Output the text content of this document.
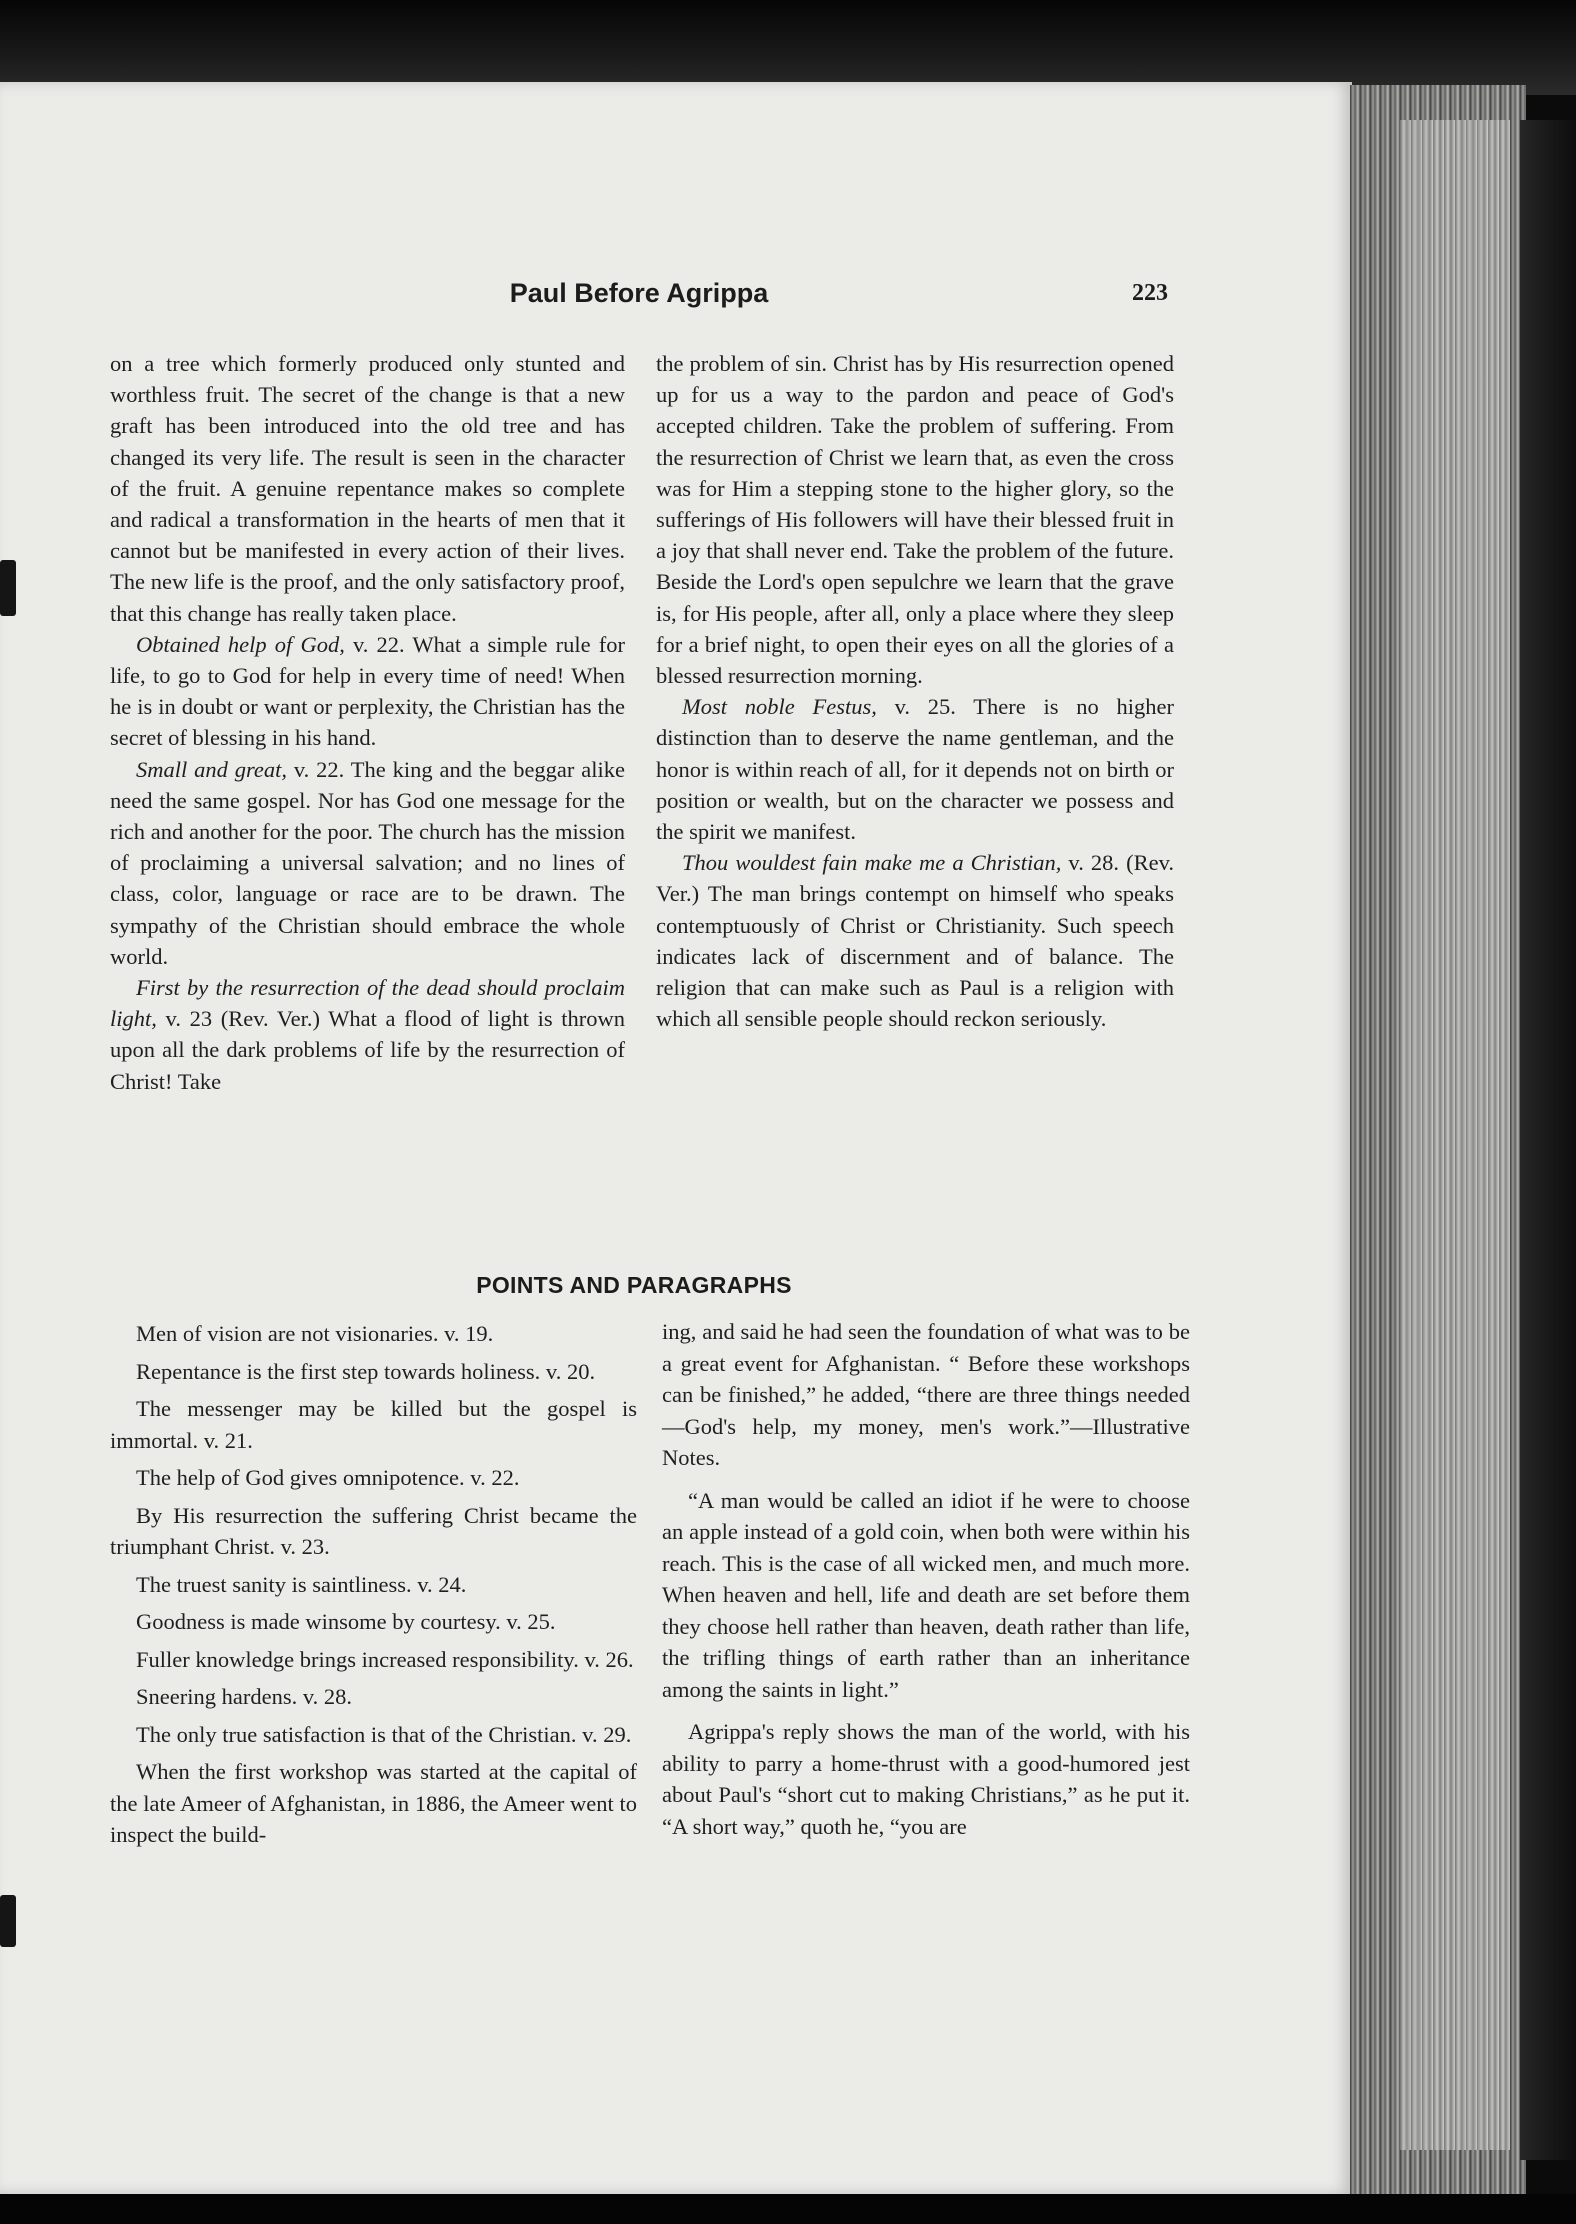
Paul Before Agrippa	223

on a tree which formerly produced only stunted and worthless fruit. The secret of the change is that a new graft has been introduced into the old tree and has changed its very life. The result is seen in the character of the fruit. A genuine repentance makes so complete and radical a transformation in the hearts of men that it cannot but be manifested in every action of their lives. The new life is the proof, and the only satisfactory proof, that this change has really taken place.

Obtained help of God, v. 22. What a simple rule for life, to go to God for help in every time of need! When he is in doubt or want or perplexity, the Christian has the secret of blessing in his hand.

Small and great, v. 22. The king and the beggar alike need the same gospel. Nor has God one message for the rich and another for the poor. The church has the mission of proclaiming a universal salvation; and no lines of class, color, language or race are to be drawn. The sympathy of the Christian should embrace the whole world.

First by the resurrection of the dead should proclaim light, v. 23 (Rev. Ver.) What a flood of light is thrown upon all the dark problems of life by the resurrection of Christ! Take

the problem of sin. Christ has by His resurrection opened up for us a way to the pardon and peace of God's accepted children. Take the problem of suffering. From the resurrection of Christ we learn that, as even the cross was for Him a stepping stone to the higher glory, so the sufferings of His followers will have their blessed fruit in a joy that shall never end. Take the problem of the future. Beside the Lord's open sepulchre we learn that the grave is, for His people, after all, only a place where they sleep for a brief night, to open their eyes on all the glories of a blessed resurrection morning.

Most noble Festus, v. 25. There is no higher distinction than to deserve the name gentleman, and the honor is within reach of all, for it depends not on birth or position or wealth, but on the character we possess and the spirit we manifest.

Thou wouldest fain make me a Christian, v. 28. (Rev. Ver.) The man brings contempt on himself who speaks contemptuously of Christ or Christianity. Such speech indicates lack of discernment and of balance. The religion that can make such as Paul is a religion with which all sensible people should reckon seriously.

POINTS AND PARAGRAPHS

Men of vision are not visionaries. v. 19.

Repentance is the first step towards holiness. v. 20.

The messenger may be killed but the gospel is immortal. v. 21.

The help of God gives omnipotence. v. 22.

By His resurrection the suffering Christ became the triumphant Christ. v. 23.

The truest sanity is saintliness. v. 24.

Goodness is made winsome by courtesy. v. 25.

Fuller knowledge brings increased responsibility. v. 26.

Sneering hardens. v. 28.

The only true satisfaction is that of the Christian. v. 29.

When the first workshop was started at the capital of the late Ameer of Afghanistan, in 1886, the Ameer went to inspect the build-

ing, and said he had seen the foundation of what was to be a great event for Afghanistan. “ Before these workshops can be finished,” he added, “there are three things needed—God's help, my money, men's work.”—Illustrative Notes.

“A man would be called an idiot if he were to choose an apple instead of a gold coin, when both were within his reach. This is the case of all wicked men, and much more. When heaven and hell, life and death are set before them they choose hell rather than heaven, death rather than life, the trifling things of earth rather than an inheritance among the saints in light.”

Agrippa's reply shows the man of the world, with his ability to parry a home-thrust with a good-humored jest about Paul's “short cut to making Christians,” as he put it. “A short way,” quoth he, “you are
